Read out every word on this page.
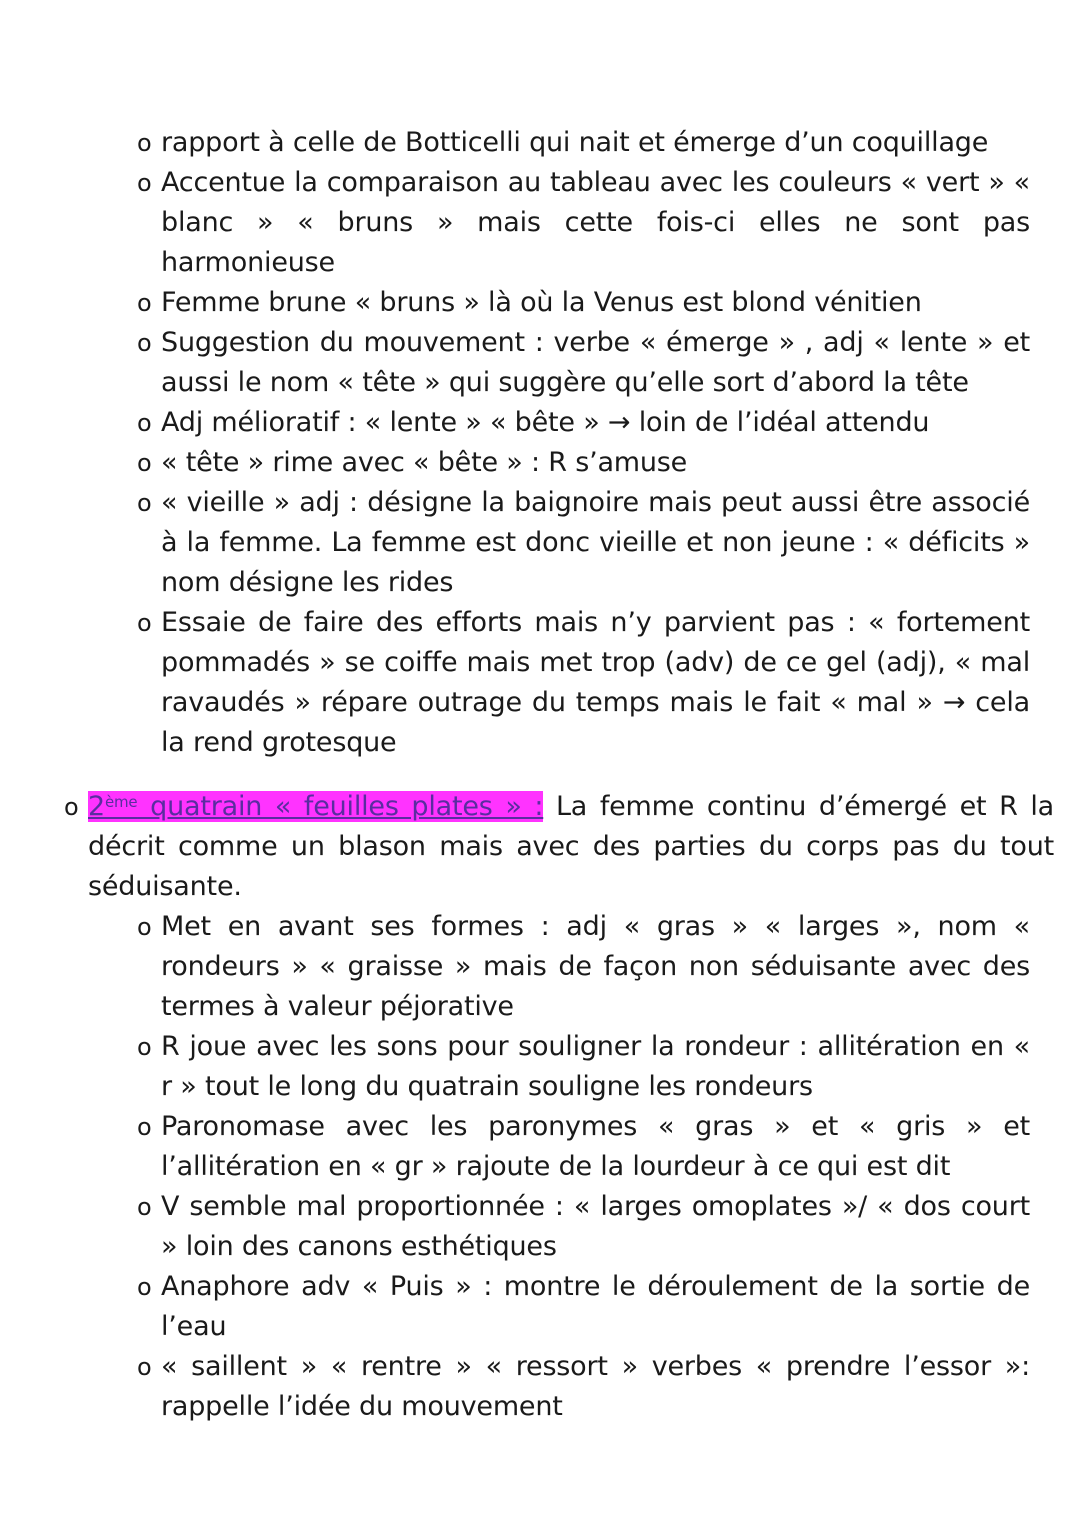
o rapport à celle de Botticelli qui nait et émerge d’un coquillage
o Accentue la comparaison au tableau avec les couleurs « vert » « blanc » « bruns » mais cette fois-ci elles ne sont pas harmonieuse
o Femme brune « bruns » là où la Venus est blond vénitien
o Suggestion du mouvement : verbe « émerge » , adj « lente » et aussi le nom « tête » qui suggère qu’elle sort d’abord la tête
o Adj mélioratif : « lente » « bête » → loin de l’idéal attendu
o « tête » rime avec « bête » : R s’amuse
o « vieille » adj : désigne la baignoire mais peut aussi être associé à la femme. La femme est donc vieille et non jeune : « déficits » nom désigne les rides
o Essaie de faire des efforts mais n’y parvient pas : « fortement pommadés » se coiffe mais met trop (adv) de ce gel (adj), « mal ravaudés » répare outrage du temps mais le fait « mal » → cela la rend grotesque
o 2ème quatrain « feuilles plates » : La femme continu d’émergé et R la décrit comme un blason mais avec des parties du corps pas du tout séduisante.
o Met en avant ses formes : adj « gras » « larges », nom « rondeurs » « graisse » mais de façon non séduisante avec des termes à valeur péjorative
o R joue avec les sons pour souligner la rondeur : allitération en « r » tout le long du quatrain souligne les rondeurs
o Paronomase avec les paronymes « gras » et « gris » et l’allitération en « gr » rajoute de la lourdeur à ce qui est dit
o V semble mal proportionnée : « larges omoplates »/ « dos court » loin des canons esthétiques
o Anaphore adv « Puis » : montre le déroulement de la sortie de l’eau
o « saillent » « rentre » « ressort » verbes « prendre l’essor »: rappelle l’idée du mouvement
